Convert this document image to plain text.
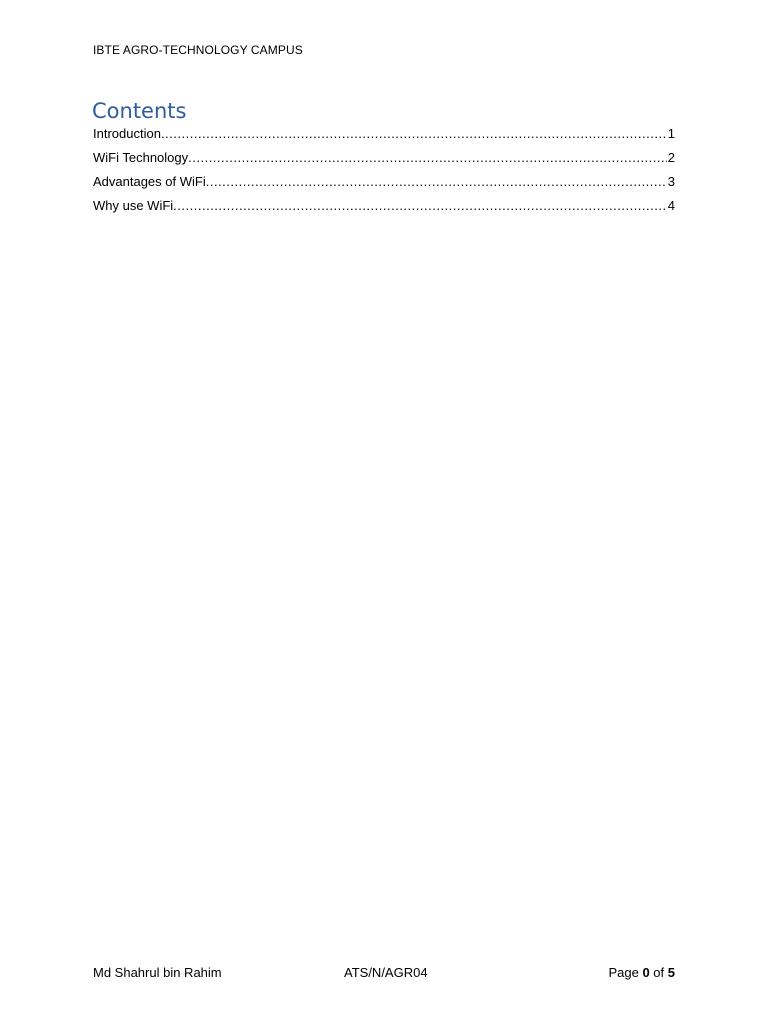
IBTE AGRO-TECHNOLOGY CAMPUS
Contents
Introduction .....	1
WiFi Technology .....	2
Advantages of WiFi .....	3
Why use WiFi .....	4
Md Shahrul bin Rahim	ATS/N/AGR04	Page 0 of 5
